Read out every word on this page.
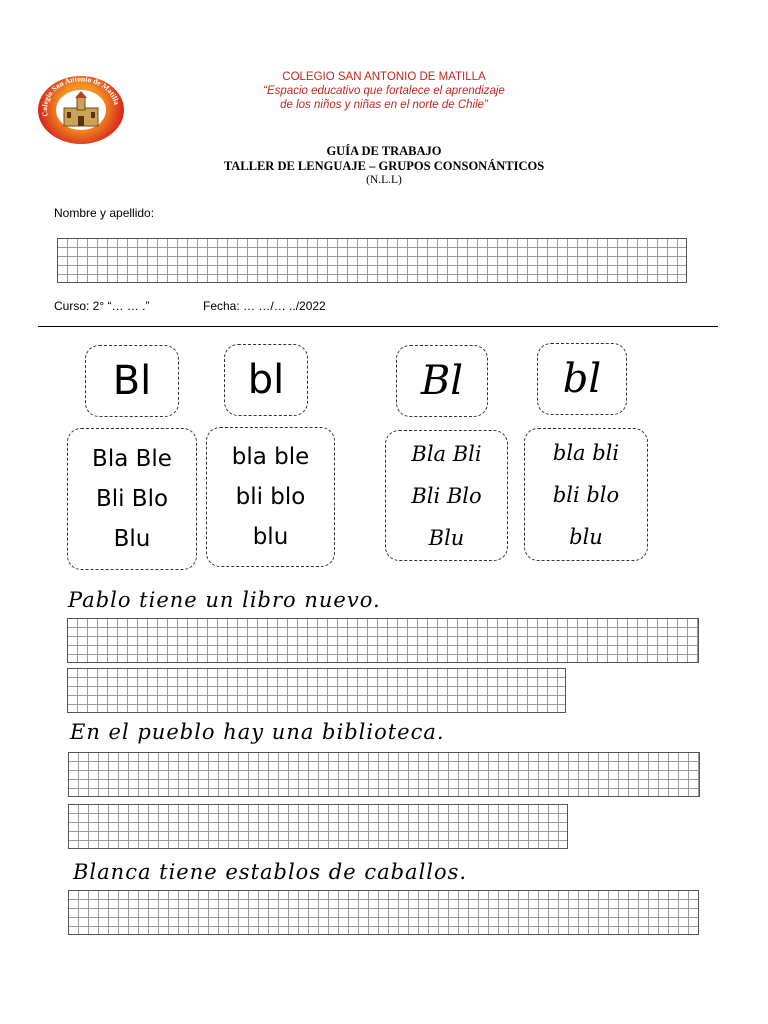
Colegio San Antonio de Matilla
COLEGIO SAN ANTONIO DE MATILLA
“Espacio educativo que fortalece el aprendizaje
de los niños y niñas en el norte de Chile”
GUÍA DE TRABAJO
TALLER DE LENGUAJE – GRUPOS CONSONÁNTICOS
(N.L.L)
Nombre y apellido:
Curso: 2° “… … .”	Fecha: … …/… ../2022
Bl bl	Bl bl
Bla Ble
Bli Blo
Blu
bla ble
bli blo
blu
Bla Bli
Bli Blo
Blu
bla bli
bli blo
blu
Pablo tiene un libro nuevo.
En el pueblo hay una biblioteca.
Blanca tiene establos de caballos.
